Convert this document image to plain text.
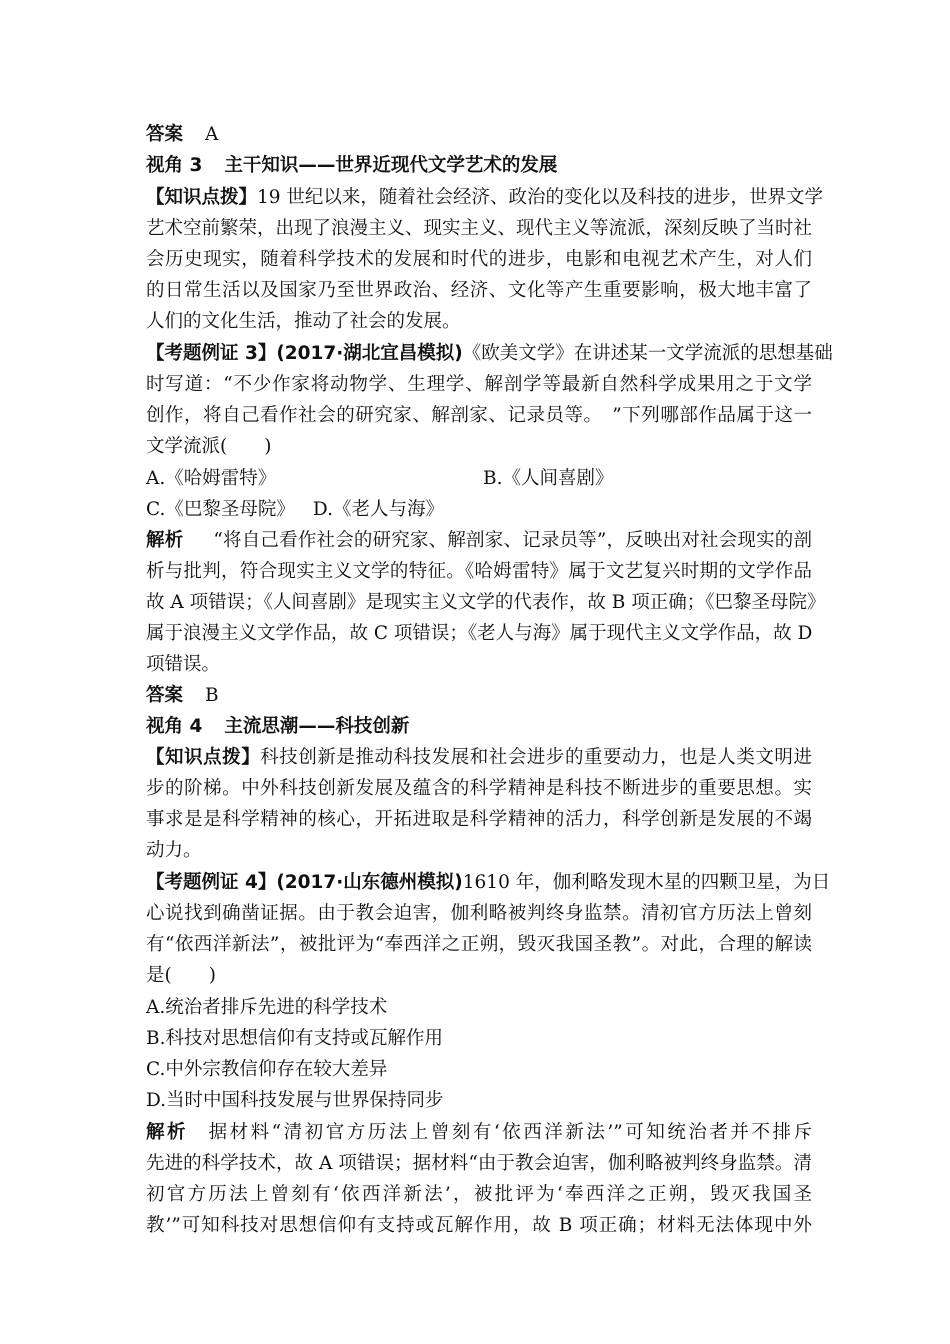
答案 A
视角 3 主干知识——世界近现代文学艺术的发展
【知识点拨】19 世纪以来，随着社会经济、政治的变化以及科技的进步，世界文学
艺术空前繁荣，出现了浪漫主义、现实主义、现代主义等流派，深刻反映了当时社
会历史现实，随着科学技术的发展和时代的进步，电影和电视艺术产生，对人们
的日常生活以及国家乃至世界政治、经济、文化等产生重要影响，极大地丰富了
人们的文化生活，推动了社会的发展。
【考题例证 3】(2017·湖北宜昌模拟)《欧美文学》在讲述某一文学流派的思想基础
时写道：“不少作家将动物学、生理学、解剖学等最新自然科学成果用之于文学
创作，将自己看作社会的研究家、解剖家、记录员等。　”下列哪部作品属于这一
文学流派(　　)
A.《哈姆雷特》	B.《人间喜剧》
C.《巴黎圣母院》 D.《老人与海》
解析 “将自己看作社会的研究家、解剖家、记录员等”，反映出对社会现实的剖
析与批判，符合现实主义文学的特征。《哈姆雷特》属于文艺复兴时期的文学作品
故 A 项错误；《人间喜剧》是现实主义文学的代表作，故 B 项正确；《巴黎圣母院》
属于浪漫主义文学作品，故 C 项错误；《老人与海》属于现代主义文学作品，故 D
项错误。
答案 B
视角 4 主流思潮——科技创新
【知识点拨】科技创新是推动科技发展和社会进步的重要动力，也是人类文明进
步的阶梯。中外科技创新发展及蕴含的科学精神是科技不断进步的重要思想。实
事求是是科学精神的核心，开拓进取是科学精神的活力，科学创新是发展的不竭
动力。
【考题例证 4】(2017·山东德州模拟)1610 年，伽利略发现木星的四颗卫星，为日
心说找到确凿证据。由于教会迫害，伽利略被判终身监禁。清初官方历法上曾刻
有“依西洋新法”，被批评为“奉西洋之正朔，毁灭我国圣教”。对此，合理的解读
是(　　)
A.统治者排斥先进的科学技术
B.科技对思想信仰有支持或瓦解作用
C.中外宗教信仰存在较大差异
D.当时中国科技发展与世界保持同步
解析 据材料“清初官方历法上曾刻有‘依西洋新法’”可知统治者并不排斥
先进的科学技术，故 A 项错误；据材料“由于教会迫害，伽利略被判终身监禁。清
初官方历法上曾刻有‘依西洋新法’，被批评为‘奉西洋之正朔，毁灭我国圣
教’”可知科技对思想信仰有支持或瓦解作用，故 B 项正确；材料无法体现中外
